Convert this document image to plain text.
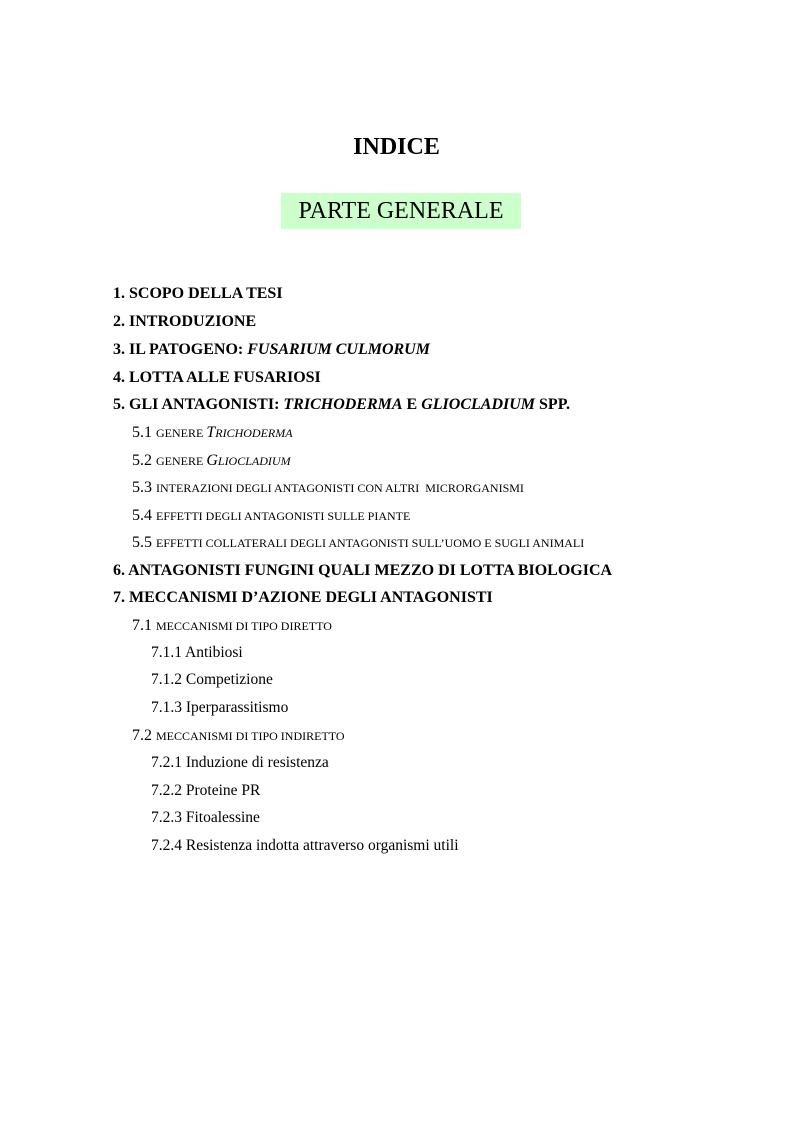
INDICE
PARTE GENERALE
1. SCOPO DELLA TESI
2. INTRODUZIONE
3. IL PATOGENO: FUSARIUM CULMORUM
4. LOTTA ALLE FUSARIOSI
5. GLI ANTAGONISTI: TRICHODERMA E GLIOCLADIUM SPP.
5.1 GENERE TRICHODERMA
5.2 GENERE GLIOCLADIUM
5.3 INTERAZIONI DEGLI ANTAGONISTI CON ALTRI  MICRORGANISMI
5.4 EFFETTI DEGLI ANTAGONISTI SULLE PIANTE
5.5 EFFETTI COLLATERALI DEGLI ANTAGONISTI SULL’UOMO E SUGLI ANIMALI
6. ANTAGONISTI FUNGINI QUALI MEZZO DI LOTTA BIOLOGICA
7. MECCANISMI D’AZIONE DEGLI ANTAGONISTI
7.1 MECCANISMI DI TIPO DIRETTO
7.1.1 Antibiosi
7.1.2 Competizione
7.1.3 Iperparassitismo
7.2 MECCANISMI DI TIPO INDIRETTO
7.2.1 Induzione di resistenza
7.2.2 Proteine PR
7.2.3 Fitoalessine
7.2.4 Resistenza indotta attraverso organismi utili
